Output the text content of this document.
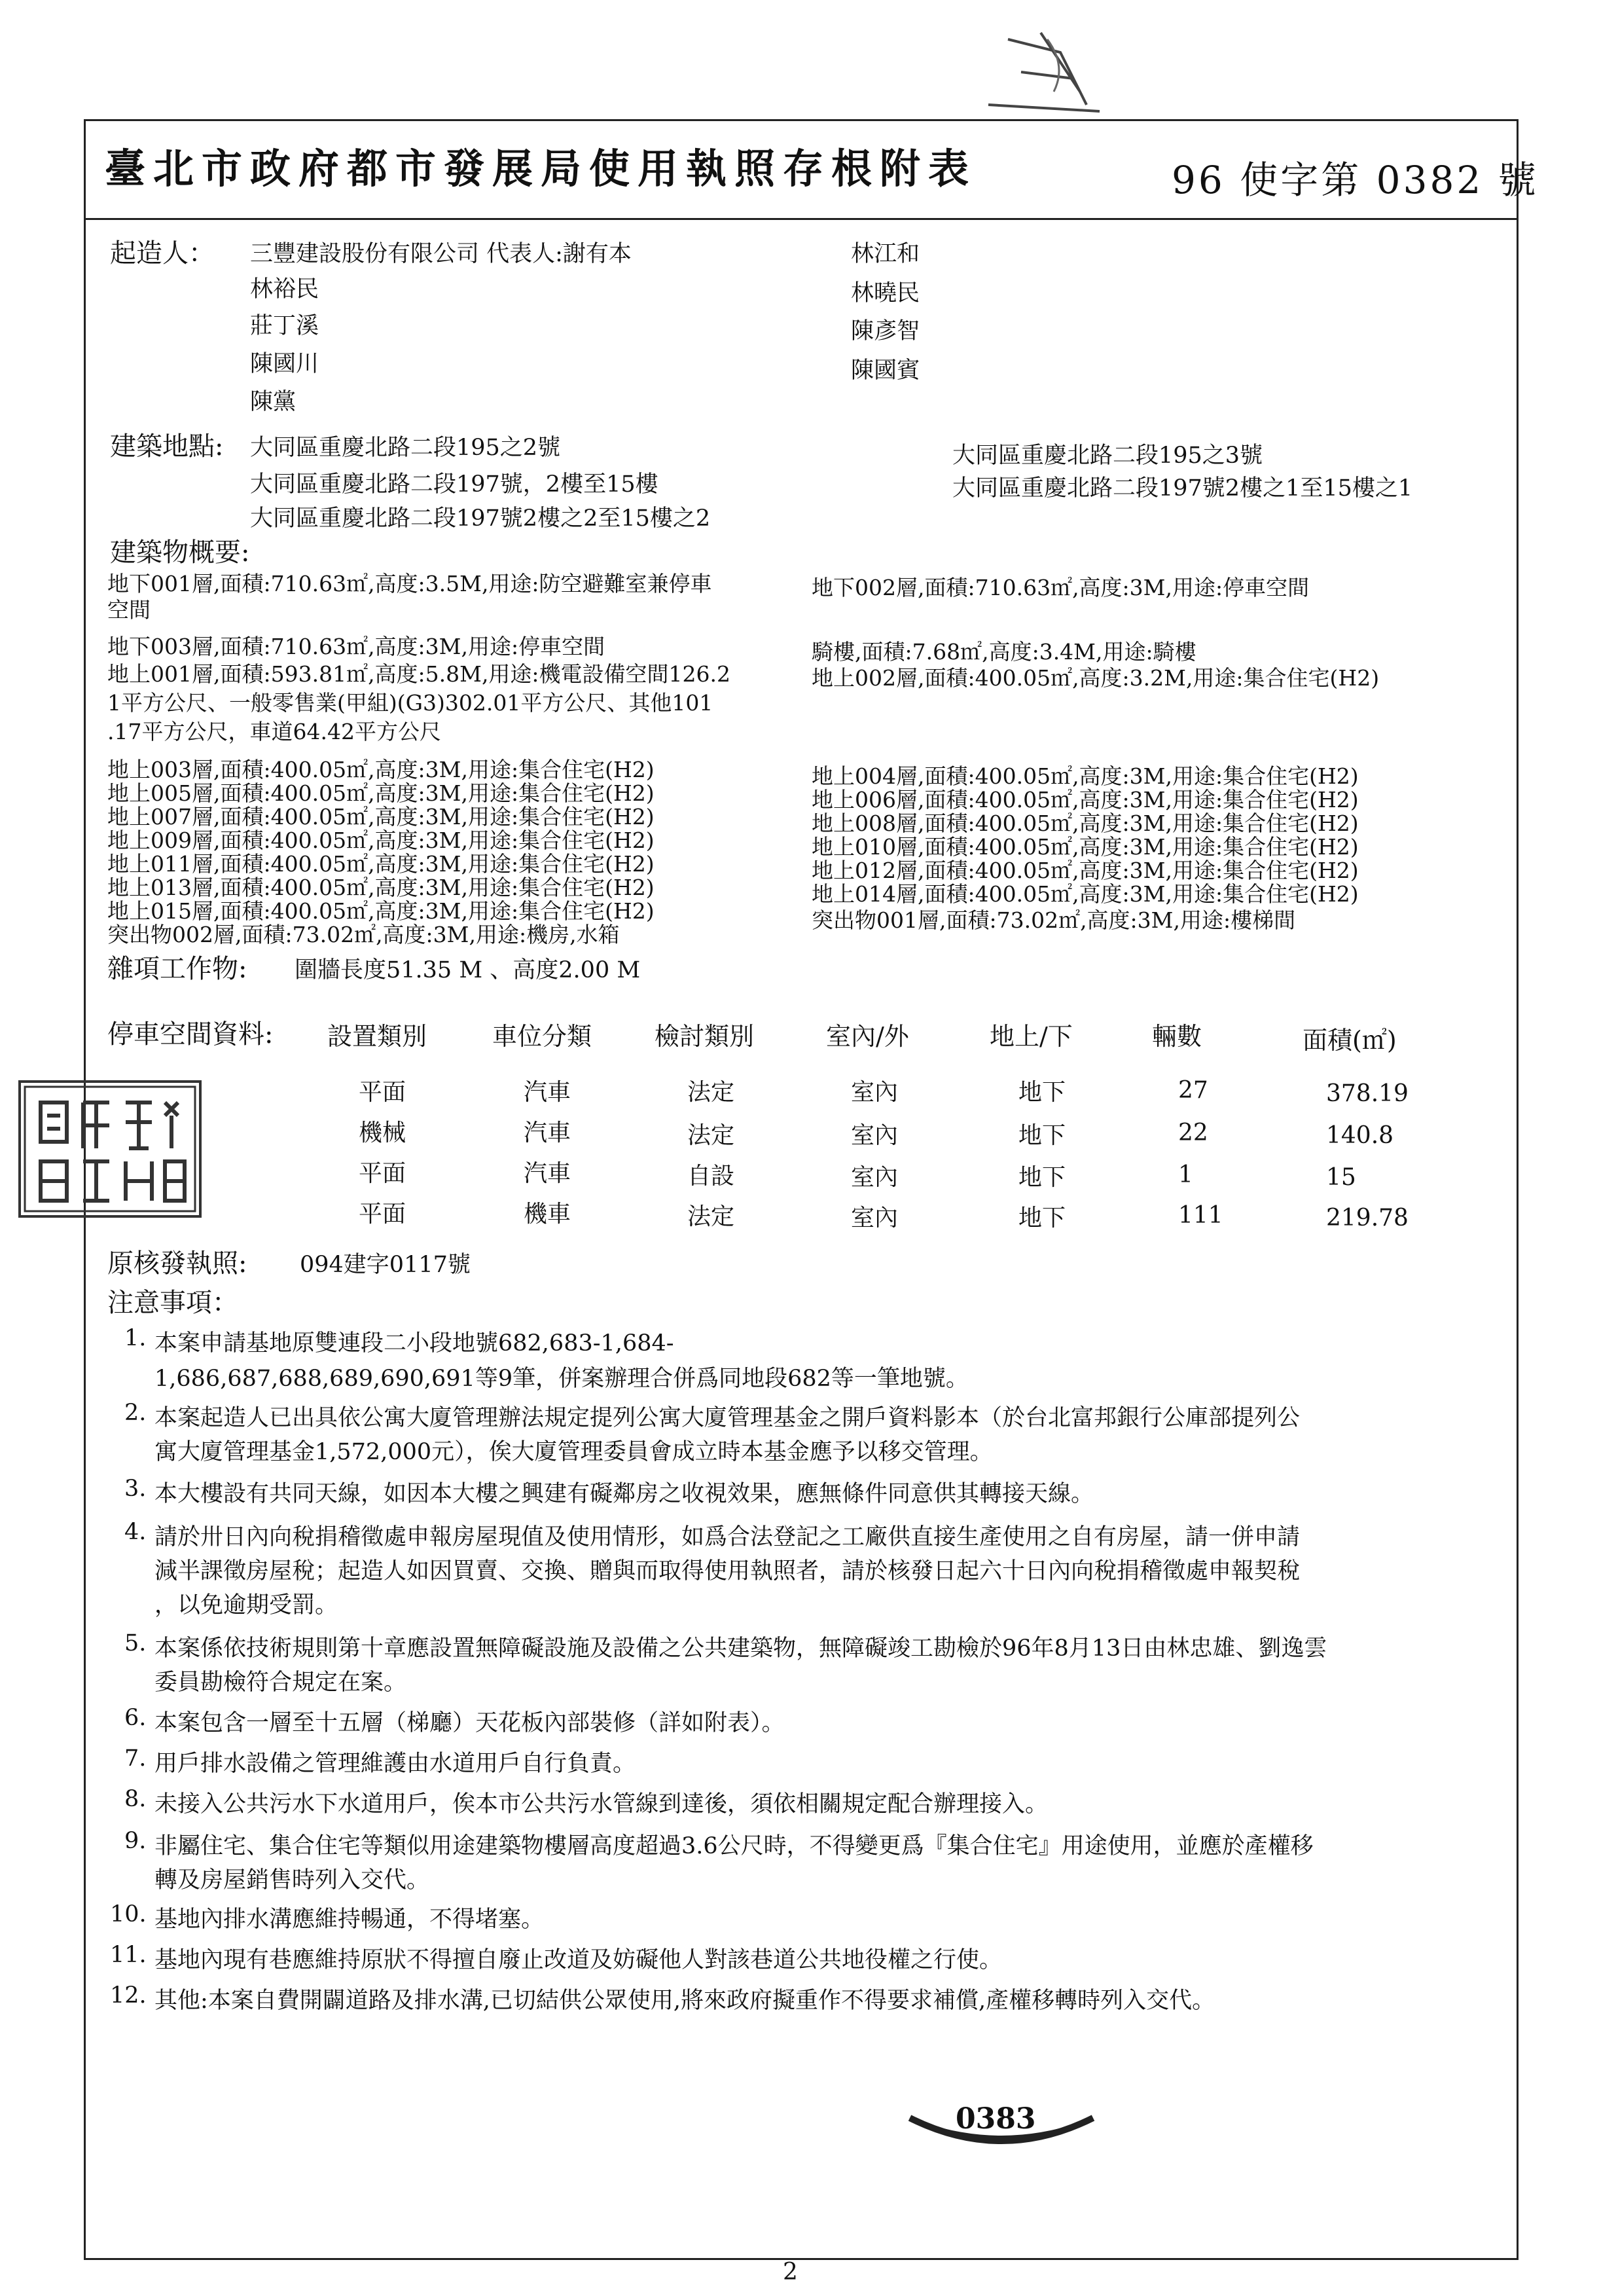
臺北市政府都市發展局使用執照存根附表	96 使字第 0382 號
起造人： 三豐建設股份有限公司 代表人:謝有本
林裕民
莊丁溪
陳國川
陳黨
林江和
林曉民
陳彥智
陳國賓
建築地點: 大同區重慶北路二段195之2號	大同區重慶北路二段195之3號
大同區重慶北路二段197號，2樓至15樓	大同區重慶北路二段197號2樓之1至15樓之1
大同區重慶北路二段197號2樓之2至15樓之2
建築物概要:
地下001層,面積:710.63㎡,高度:3.5M,用途:防空避難室兼停車
空間
地下002層,面積:710.63㎡,高度:3M,用途:停車空間
地下003層,面積:710.63㎡,高度:3M,用途:停車空間	騎樓,面積:7.68㎡,高度:3.4M,用途:騎樓
地上001層,面積:593.81㎡,高度:5.8M,用途:機電設備空間126.2
1平方公尺、一般零售業(甲組)(G3)302.01平方公尺、其他101
.17平方公尺，車道64.42平方公尺
地上002層,面積:400.05㎡,高度:3.2M,用途:集合住宅(H2)
地上003層,面積:400.05㎡,高度:3M,用途:集合住宅(H2)
地上005層,面積:400.05㎡,高度:3M,用途:集合住宅(H2)
地上007層,面積:400.05㎡,高度:3M,用途:集合住宅(H2)
地上009層,面積:400.05㎡,高度:3M,用途:集合住宅(H2)
地上011層,面積:400.05㎡,高度:3M,用途:集合住宅(H2)
地上013層,面積:400.05㎡,高度:3M,用途:集合住宅(H2)
地上015層,面積:400.05㎡,高度:3M,用途:集合住宅(H2)
突出物002層,面積:73.02㎡,高度:3M,用途:機房,水箱
地上004層,面積:400.05㎡,高度:3M,用途:集合住宅(H2)
地上006層,面積:400.05㎡,高度:3M,用途:集合住宅(H2)
地上008層,面積:400.05㎡,高度:3M,用途:集合住宅(H2)
地上010層,面積:400.05㎡,高度:3M,用途:集合住宅(H2)
地上012層,面積:400.05㎡,高度:3M,用途:集合住宅(H2)
地上014層,面積:400.05㎡,高度:3M,用途:集合住宅(H2)
突出物001層,面積:73.02㎡,高度:3M,用途:樓梯間
雜項工作物: 圍牆長度51.35 M 、高度2.00 M
停車空間資料: 設置類別	車位分類	檢討類別	室內/外	地上/下	輛數	面積(㎡)
平面	汽車	法定	室內	地下	27	378.19
機械	汽車	法定	室內	地下	22	140.8
平面	汽車	自設	室內	地下	1	15
平面	機車	法定	室內	地下	111	219.78
原核發執照: 094建字0117號
注意事項：
1. 本案申請基地原雙連段二小段地號682,683-1,684-
1,686,687,688,689,690,691等9筆，併案辦理合併爲同地段682等一筆地號。
2. 本案起造人已出具依公寓大廈管理辦法規定提列公寓大廈管理基金之開戶資料影本（於台北富邦銀行公庫部提列公
寓大廈管理基金1,572,000元），俟大廈管理委員會成立時本基金應予以移交管理。
3. 本大樓設有共同天線，如因本大樓之興建有礙鄰房之收視效果，應無條件同意供其轉接天線。
4. 請於卅日內向稅捐稽徵處申報房屋現值及使用情形，如爲合法登記之工廠供直接生產使用之自有房屋，請一併申請
減半課徵房屋稅；起造人如因買賣、交換、贈與而取得使用執照者，請於核發日起六十日內向稅捐稽徵處申報契稅
，以免逾期受罰。
5. 本案係依技術規則第十章應設置無障礙設施及設備之公共建築物，無障礙竣工勘檢於96年8月13日由林忠雄、劉逸雲
委員勘檢符合規定在案。
6. 本案包含一層至十五層（梯廳）天花板內部裝修（詳如附表）。
7. 用戶排水設備之管理維護由水道用戶自行負責。
8. 未接入公共污水下水道用戶，俟本市公共污水管線到達後，須依相關規定配合辦理接入。
9. 非屬住宅、集合住宅等類似用途建築物樓層高度超過3.6公尺時，不得變更爲『集合住宅』用途使用，並應於產權移
轉及房屋銷售時列入交代。
10. 基地內排水溝應維持暢通，不得堵塞。
11. 基地內現有巷應維持原狀不得擅自廢止改道及妨礙他人對該巷道公共地役權之行使。
12. 其他:本案自費開闢道路及排水溝,已切結供公眾使用,將來政府擬重作不得要求補償,產權移轉時列入交代。
0383
2
